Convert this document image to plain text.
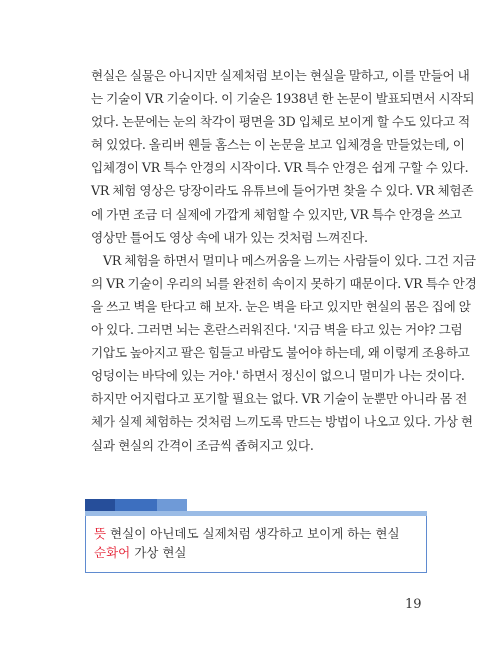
현실은 실물은 아니지만 실제처럼 보이는 현실을 말하고, 이를 만들어 내

는 기술이 VR 기술이다. 이 기술은 1938년 한 논문이 발표되면서 시작되

었다. 논문에는 눈의 착각이 평면을 3D 입체로 보이게 할 수도 있다고 적

혀 있었다. 올리버 웬들 홈스는 이 논문을 보고 입체경을 만들었는데, 이

입체경이 VR 특수 안경의 시작이다. VR 특수 안경은 쉽게 구할 수 있다.

VR 체험 영상은 당장이라도 유튜브에 들어가면 찾을 수 있다. VR 체험존

에 가면 조금 더 실제에 가깝게 체험할 수 있지만, VR 특수 안경을 쓰고

영상만 틀어도 영상 속에 내가 있는 것처럼 느껴진다.

VR 체험을 하면서 멀미나 메스꺼움을 느끼는 사람들이 있다. 그건 지금

의 VR 기술이 우리의 뇌를 완전히 속이지 못하기 때문이다. VR 특수 안경

을 쓰고 벽을 탄다고 해 보자. 눈은 벽을 타고 있지만 현실의 몸은 집에 앉

아 있다. 그러면 뇌는 혼란스러워진다. '지금 벽을 타고 있는 거야? 그럼

기압도 높아지고 팔은 힘들고 바람도 불어야 하는데, 왜 이렇게 조용하고

엉덩이는 바닥에 있는 거야.' 하면서 정신이 없으니 멀미가 나는 것이다.

하지만 어지럽다고 포기할 필요는 없다. VR 기술이 눈뿐만 아니라 몸 전

체가 실제 체험하는 것처럼 느끼도록 만드는 방법이 나오고 있다. 가상 현

실과 현실의 간격이 조금씩 좁혀지고 있다.

뜻 현실이 아닌데도 실제처럼 생각하고 보이게 하는 현실
순화어 가상 현실
19
